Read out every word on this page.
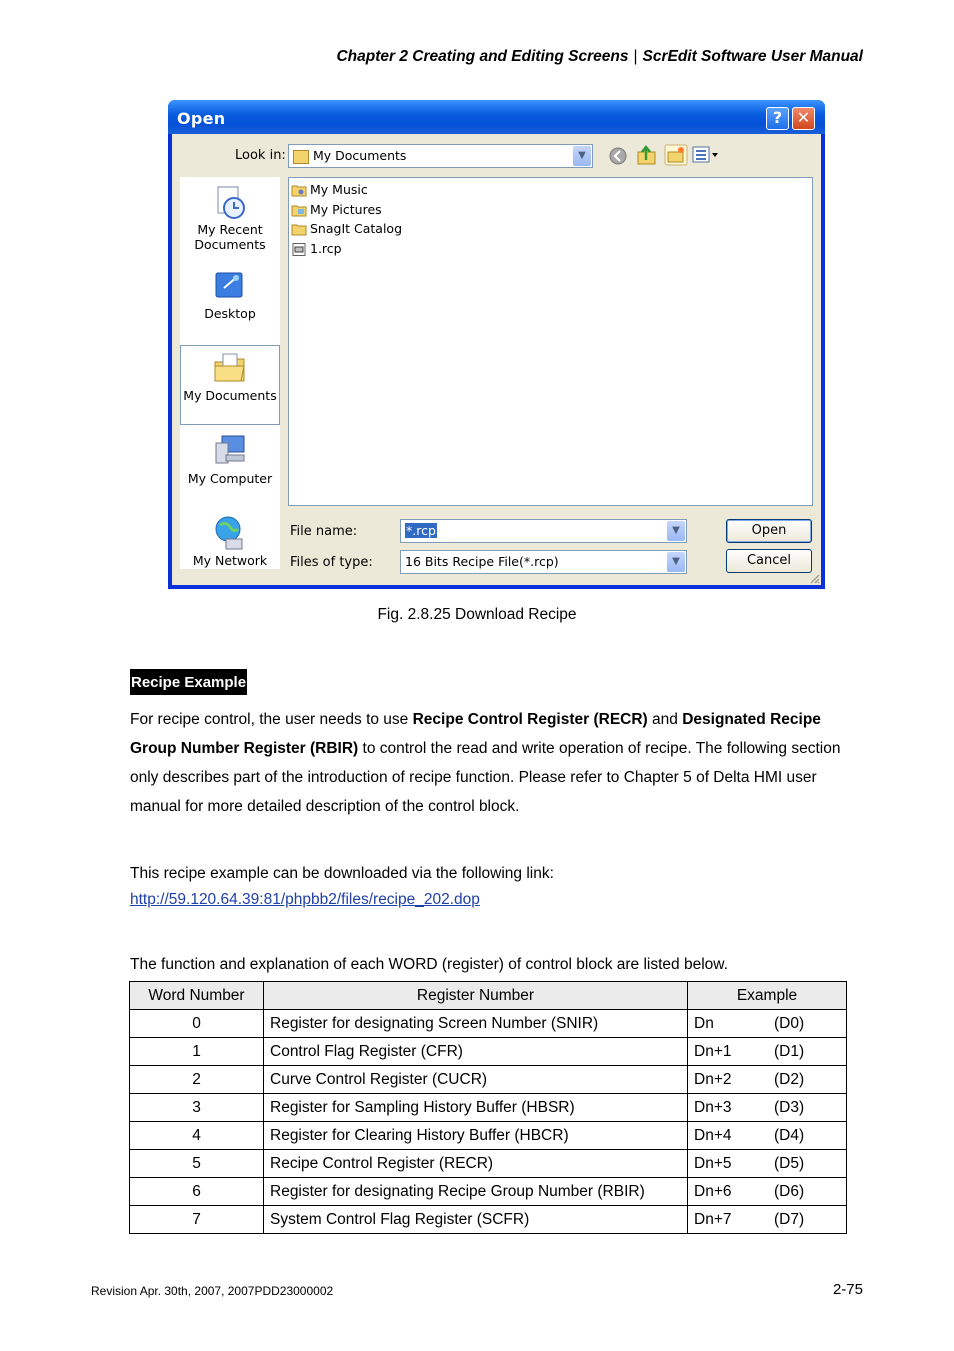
Chapter 2 Creating and Editing Screens | ScrEdit Software User Manual
Open	? ✕
Look in:	My Documents	▼
My Recent Documents
Desktop
My Documents
My Computer
My Network
My Music
My Pictures
SnagIt Catalog
1.rcp
File name:	*.rcp	▼
Files of type:	16 Bits Recipe File(*.rcp)	▼
Open
Cancel
Fig. 2.8.25 Download Recipe
Recipe Example
For recipe control, the user needs to use Recipe Control Register (RECR) and Designated Recipe Group Number Register (RBIR) to control the read and write operation of recipe. The following section only describes part of the introduction of recipe function. Please refer to Chapter 5 of Delta HMI user manual for more detailed description of the control block.
This recipe example can be downloaded via the following link:
http://59.120.64.39:81/phpbb2/files/recipe_202.dop
The function and explanation of each WORD (register) of control block are listed below.
Word Number	Register Number	Example
0	Register for designating Screen Number (SNIR)	Dn (D0)
1	Control Flag Register (CFR)	Dn+1 (D1)
2	Curve Control Register (CUCR)	Dn+2 (D2)
3	Register for Sampling History Buffer (HBSR)	Dn+3 (D3)
4	Register for Clearing History Buffer (HBCR)	Dn+4 (D4)
5	Recipe Control Register (RECR)	Dn+5 (D5)
6	Register for designating Recipe Group Number (RBIR)	Dn+6 (D6)
7	System Control Flag Register (SCFR)	Dn+7 (D7)
Revision Apr. 30th, 2007, 2007PDD23000002	2-75
